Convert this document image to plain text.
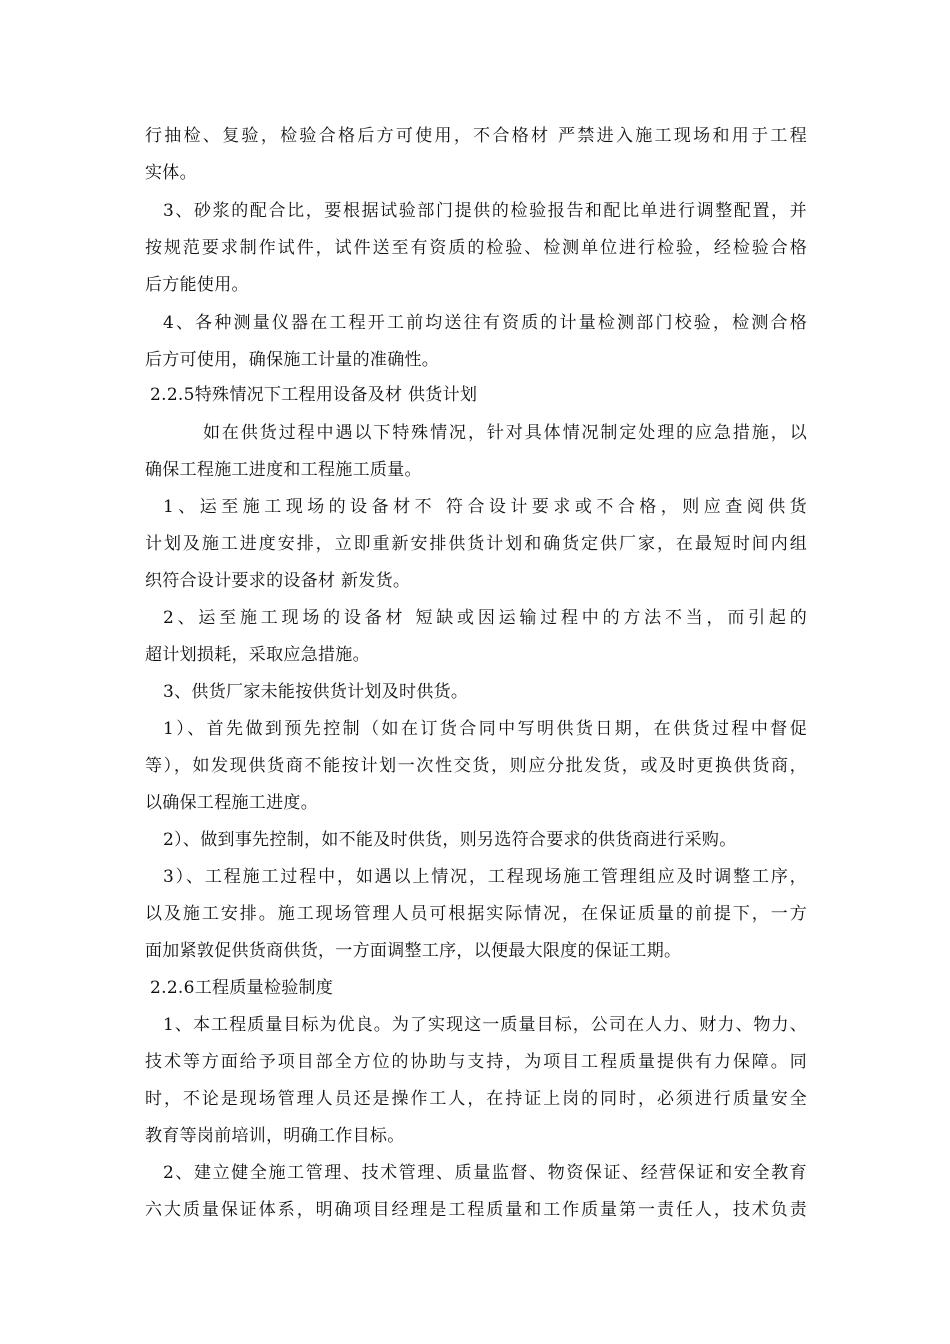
行抽检、复验，检验合格后方可使用，不合格材 严禁进入施工现场和用于工程
实体。
3、砂浆的配合比，要根据试验部门提供的检验报告和配比单进行调整配置，并
按规范要求制作试件，试件送至有资质的检验、检测单位进行检验，经检验合格
后方能使用。
4、各种测量仪器在工程开工前均送往有资质的计量检测部门校验，检测合格
后方可使用，确保施工计量的准确性。
2.2.5特殊情况下工程用设备及材 供货计划
如在供货过程中遇以下特殊情况，针对具体情况制定处理的应急措施，以
确保工程施工进度和工程施工质量。
1、运至施工现场的设备材不 符合设计要求或不合格，则应查阅供货
计划及施工进度安排，立即重新安排供货计划和确货定供厂家，在最短时间内组
织符合设计要求的设备材 新发货。
2、运至施工现场的设备材 短缺或因运输过程中的方法不当，而引起的
超计划损耗，采取应急措施。
3、供货厂家未能按供货计划及时供货。
1）、首先做到预先控制（如在订货合同中写明供货日期，在供货过程中督促
等），如发现供货商不能按计划一次性交货，则应分批发货，或及时更换供货商，
以确保工程施工进度。
2）、做到事先控制，如不能及时供货，则另选符合要求的供货商进行采购。
3）、工程施工过程中，如遇以上情况，工程现场施工管理组应及时调整工序，
以及施工安排。施工现场管理人员可根据实际情况，在保证质量的前提下，一方
面加紧敦促供货商供货，一方面调整工序，以便最大限度的保证工期。
2.2.6工程质量检验制度
1、本工程质量目标为优良。为了实现这一质量目标，公司在人力、财力、物力、
技术等方面给予项目部全方位的协助与支持，为项目工程质量提供有力保障。同
时，不论是现场管理人员还是操作工人，在持证上岗的同时，必须进行质量安全
教育等岗前培训，明确工作目标。
2、建立健全施工管理、技术管理、质量监督、物资保证、经营保证和安全教育
六大质量保证体系，明确项目经理是工程质量和工作质量第一责任人，技术负责
